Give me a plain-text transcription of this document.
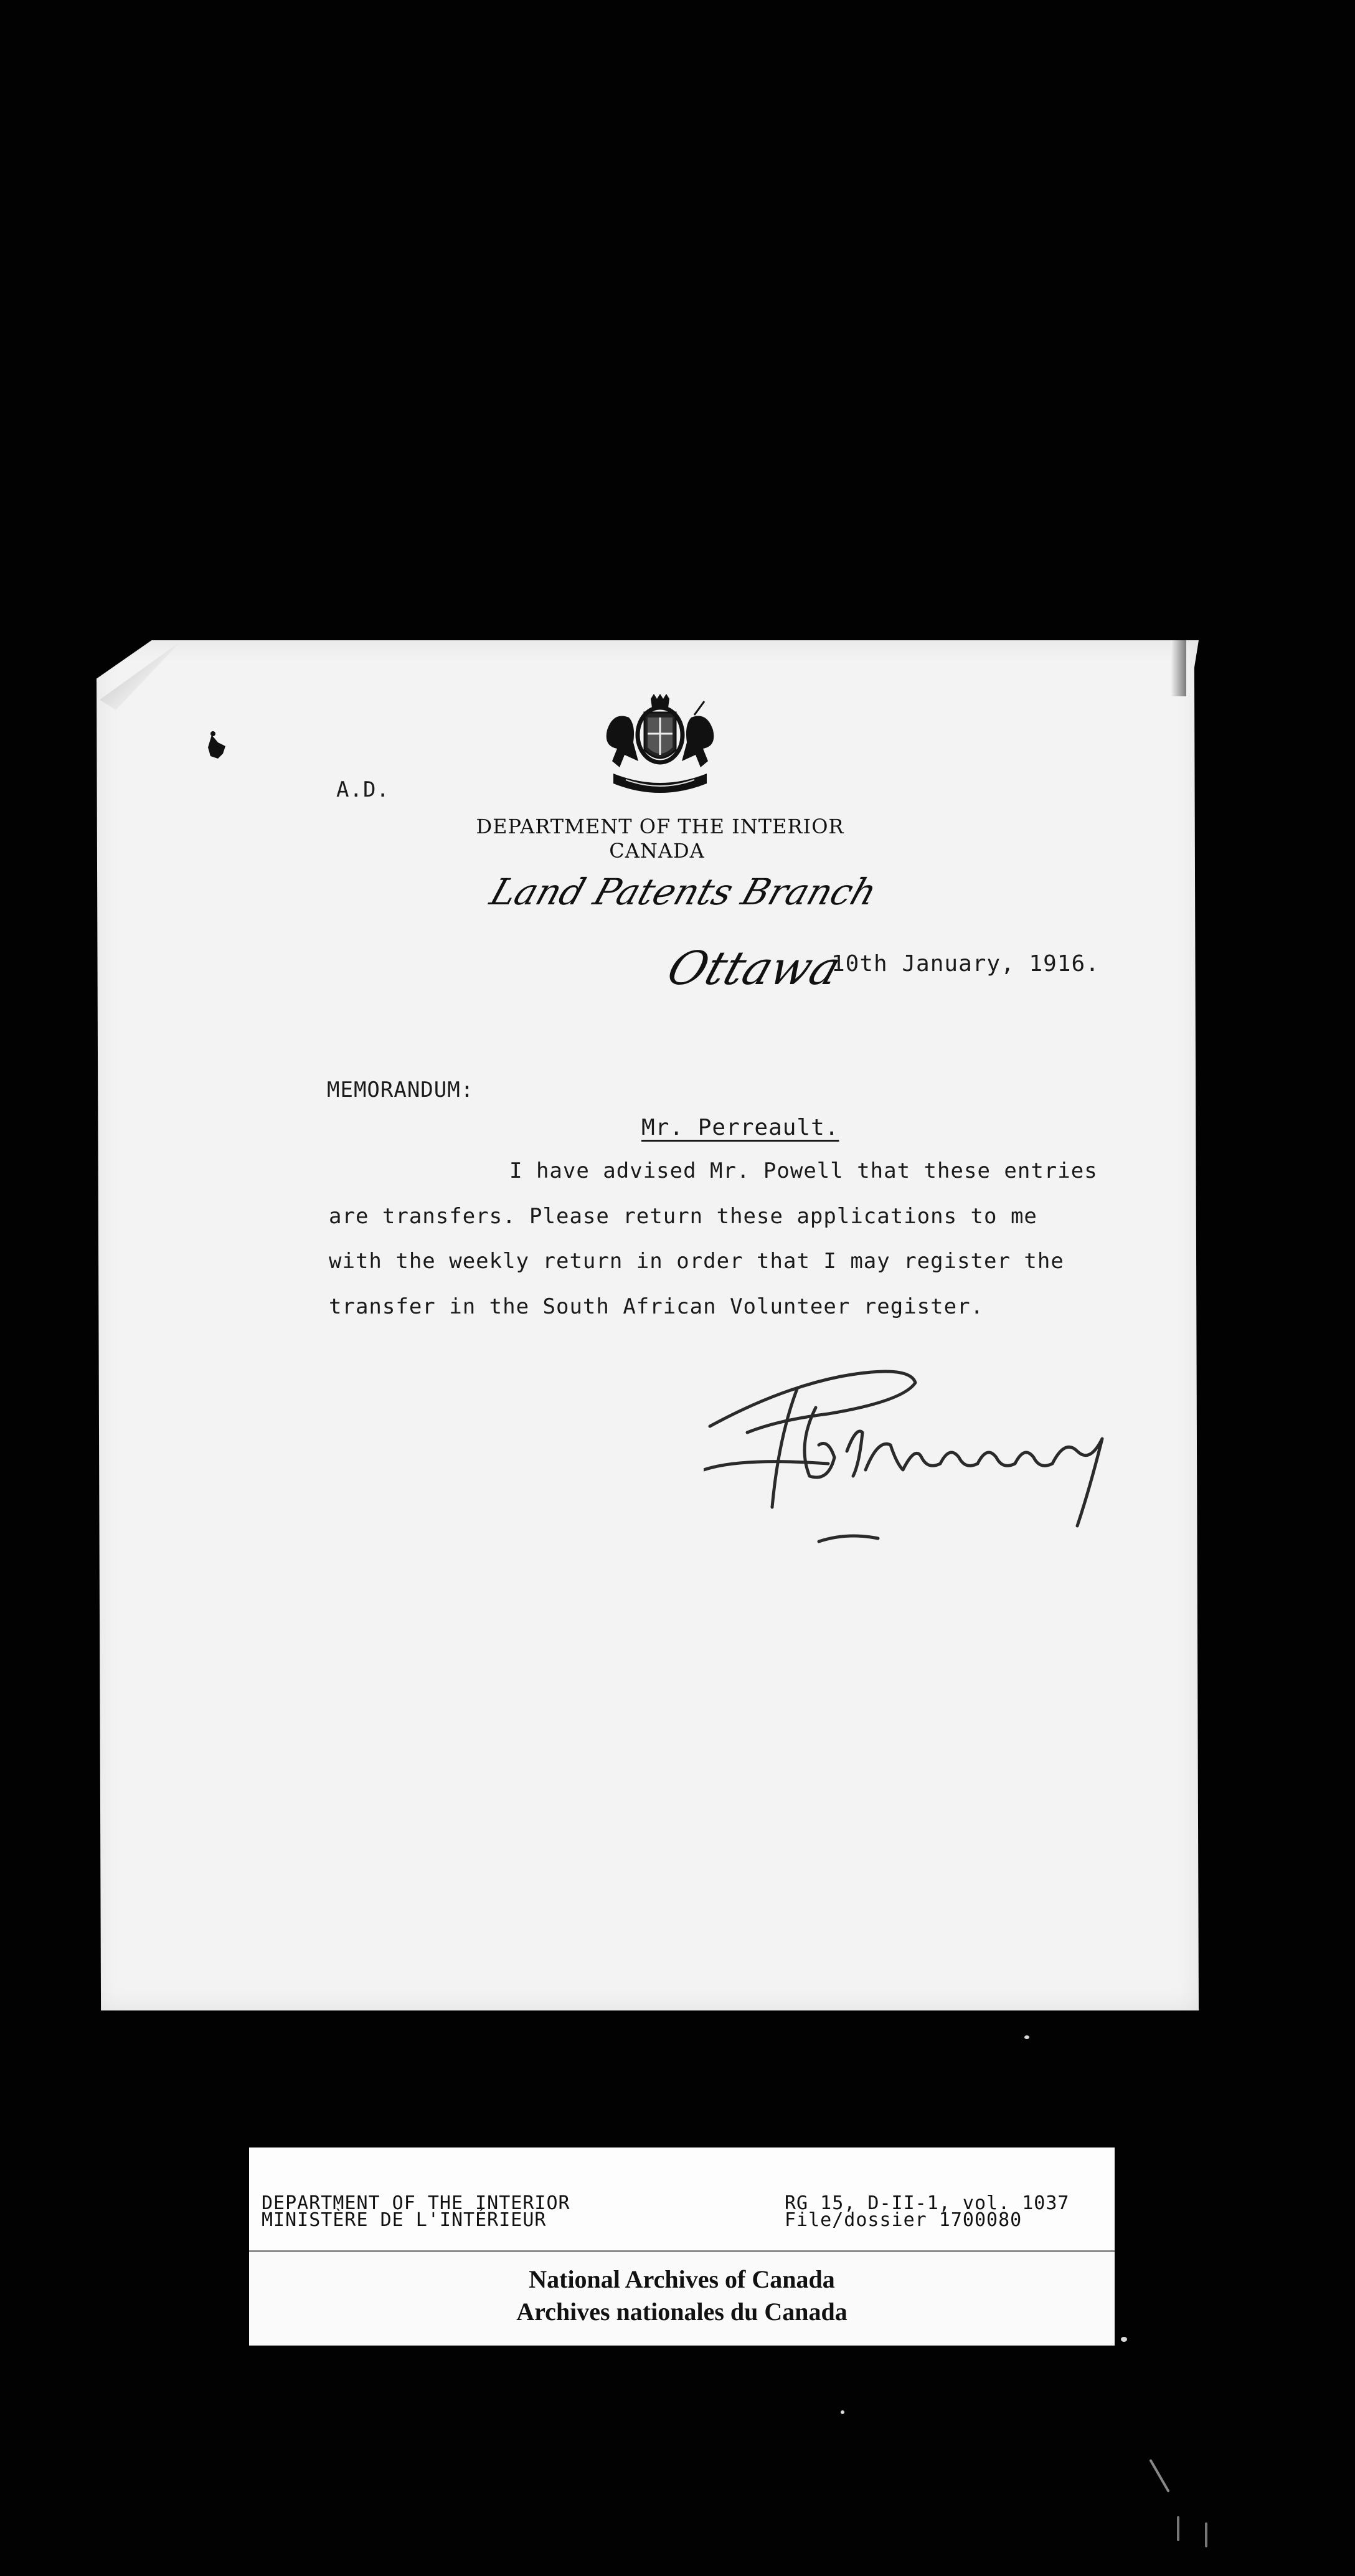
A.D.
DEPARTMENT OF THE INTERIOR
CANADA
Land Patents Branch
Ottawa
10th January, 1916.
MEMORANDUM:
Mr. Perreault.
I have advised Mr. Powell that these entries
are transfers. Please return these applications to me
with the weekly return in order that I may register the
transfer in the South African Volunteer register.
DEPARTMENT OF THE INTERIOR
MINISTÈRE DE L'INTÉRIEUR
RG 15, D-II-1, vol. 1037
File/dossier 1700080
National Archives of Canada
Archives nationales du Canada
